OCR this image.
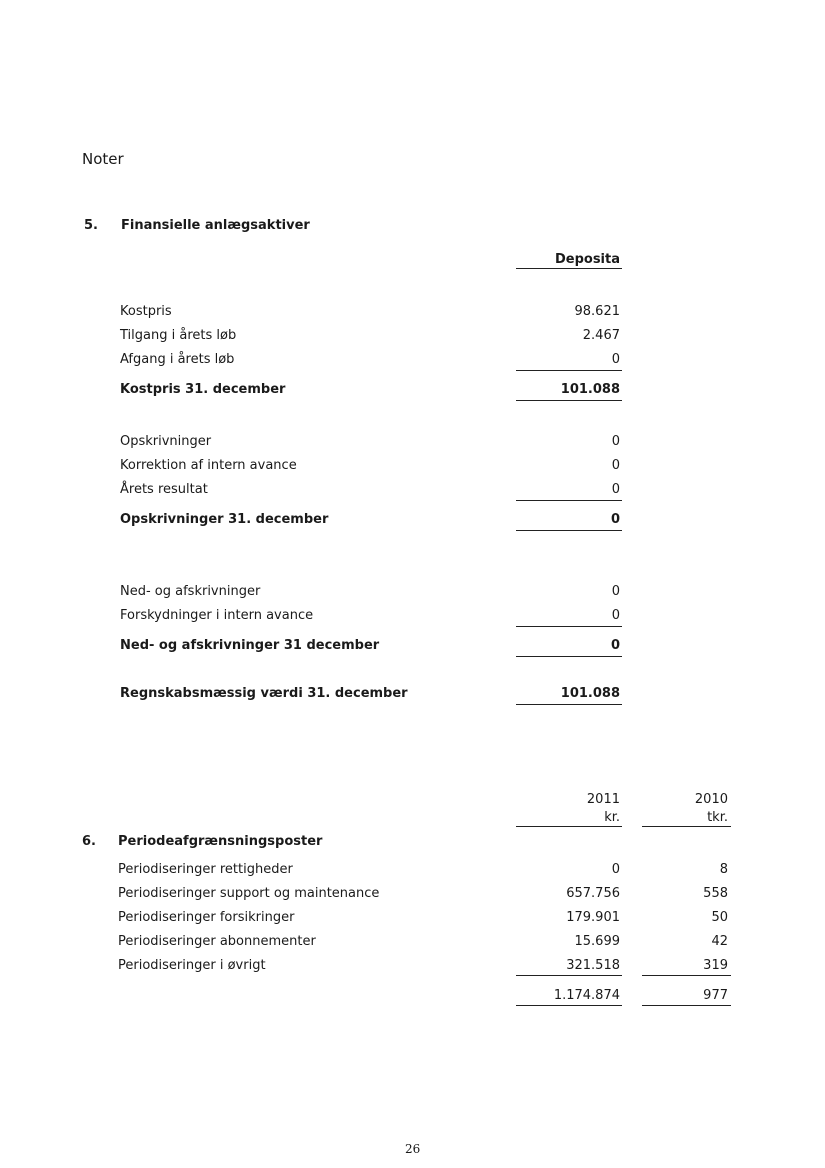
Noter
5. Finansielle anlægsaktiver
Deposita
Kostpris	98.621
Tilgang i årets løb	2.467
Afgang i årets løb	0
Kostpris 31. december	101.088
Opskrivninger	0
Korrektion af intern avance	0
Årets resultat	0
Opskrivninger 31. december	0
Ned- og afskrivninger	0
Forskydninger i intern avance	0
Ned- og afskrivninger 31 december	0
Regnskabsmæssig værdi 31. december	101.088
2011	2010
kr.	tkr.
6. Periodeafgrænsningsposter
Periodiseringer rettigheder	0	8
Periodiseringer support og maintenance	657.756	558
Periodiseringer forsikringer	179.901	50
Periodiseringer abonnementer	15.699	42
Periodiseringer i øvrigt	321.518	319
1.174.874	977
26
